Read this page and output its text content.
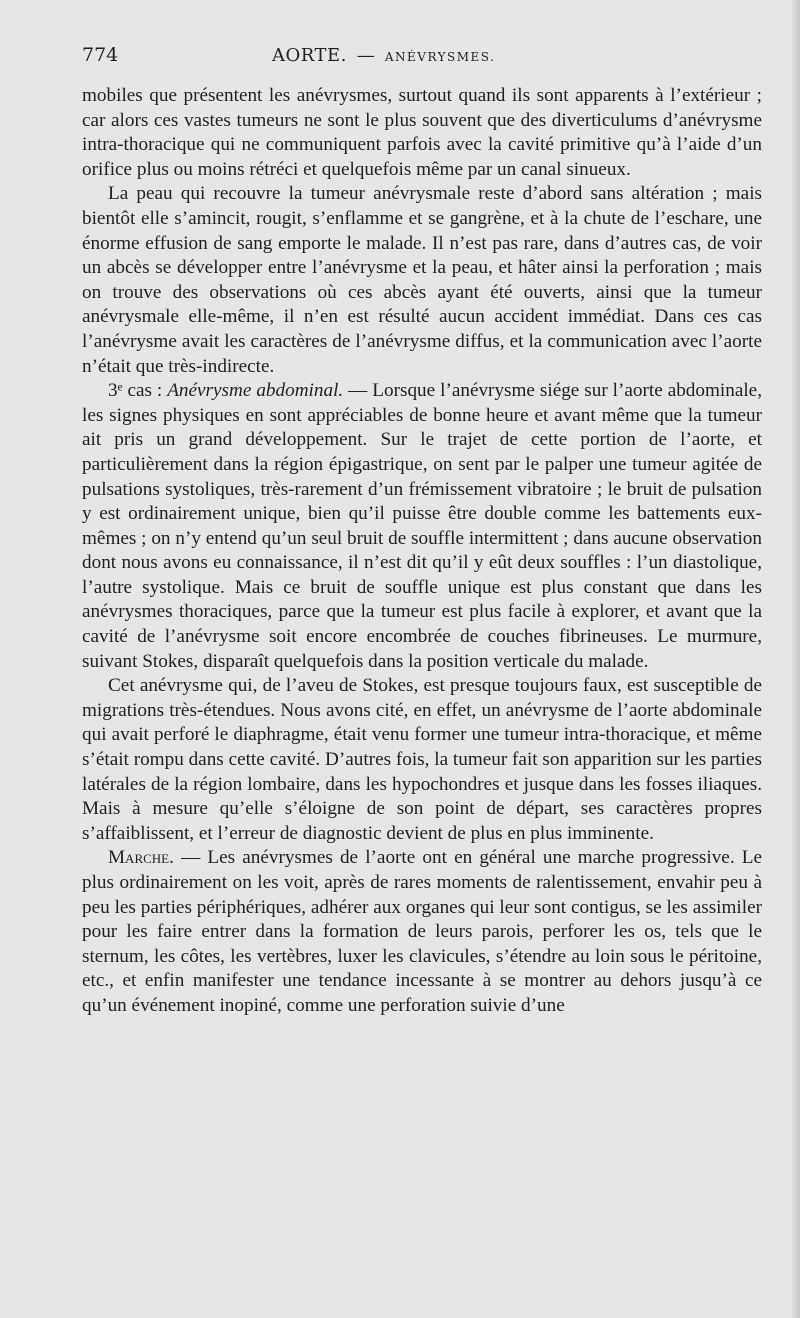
774	AORTE. — ANÉVRYSMES.

mobiles que présentent les anévrysmes, surtout quand ils sont apparents à l’extérieur ; car alors ces vastes tumeurs ne sont le plus souvent que des diverticulums d’anévrysme intra-thoracique qui ne communiquent parfois avec la cavité primitive qu’à l’aide d’un orifice plus ou moins rétréci et quelquefois même par un canal sinueux.

La peau qui recouvre la tumeur anévrysmale reste d’abord sans altération ; mais bientôt elle s’amincit, rougit, s’enflamme et se gangrène, et à la chute de l’eschare, une énorme effusion de sang emporte le malade. Il n’est pas rare, dans d’autres cas, de voir un abcès se développer entre l’anévrysme et la peau, et hâter ainsi la perforation ; mais on trouve des observations où ces abcès ayant été ouverts, ainsi que la tumeur anévrysmale elle-même, il n’en est résulté aucun accident immédiat. Dans ces cas l’anévrysme avait les caractères de l’anévrysme diffus, et la communication avec l’aorte n’était que très-indirecte.

3ᵉ cas : Anévrysme abdominal. — Lorsque l’anévrysme siége sur l’aorte abdominale, les signes physiques en sont appréciables de bonne heure et avant même que la tumeur ait pris un grand développement. Sur le trajet de cette portion de l’aorte, et particulièrement dans la région épigastrique, on sent par le palper une tumeur agitée de pulsations systoliques, très-rarement d’un frémissement vibratoire ; le bruit de pulsation y est ordinairement unique, bien qu’il puisse être double comme les battements eux-mêmes ; on n’y entend qu’un seul bruit de souffle intermittent ; dans aucune observation dont nous avons eu connaissance, il n’est dit qu’il y eût deux souffles : l’un diastolique, l’autre systolique. Mais ce bruit de souffle unique est plus constant que dans les anévrysmes thoraciques, parce que la tumeur est plus facile à explorer, et avant que la cavité de l’anévrysme soit encore encombrée de couches fibrineuses. Le murmure, suivant Stokes, disparaît quelquefois dans la position verticale du malade.

Cet anévrysme qui, de l’aveu de Stokes, est presque toujours faux, est susceptible de migrations très-étendues. Nous avons cité, en effet, un anévrysme de l’aorte abdominale qui avait perforé le diaphragme, était venu former une tumeur intra-thoracique, et même s’était rompu dans cette cavité. D’autres fois, la tumeur fait son apparition sur les parties latérales de la région lombaire, dans les hypochondres et jusque dans les fosses iliaques. Mais à mesure qu’elle s’éloigne de son point de départ, ses caractères propres s’affaiblissent, et l’erreur de diagnostic devient de plus en plus imminente.

Marche. — Les anévrysmes de l’aorte ont en général une marche progressive. Le plus ordinairement on les voit, après de rares moments de ralentissement, envahir peu à peu les parties périphériques, adhérer aux organes qui leur sont contigus, se les assimiler pour les faire entrer dans la formation de leurs parois, perforer les os, tels que le sternum, les côtes, les vertèbres, luxer les clavicules, s’étendre au loin sous le péritoine, etc., et enfin manifester une tendance incessante à se montrer au dehors jusqu’à ce qu’un événement inopiné, comme une perforation suivie d’une
